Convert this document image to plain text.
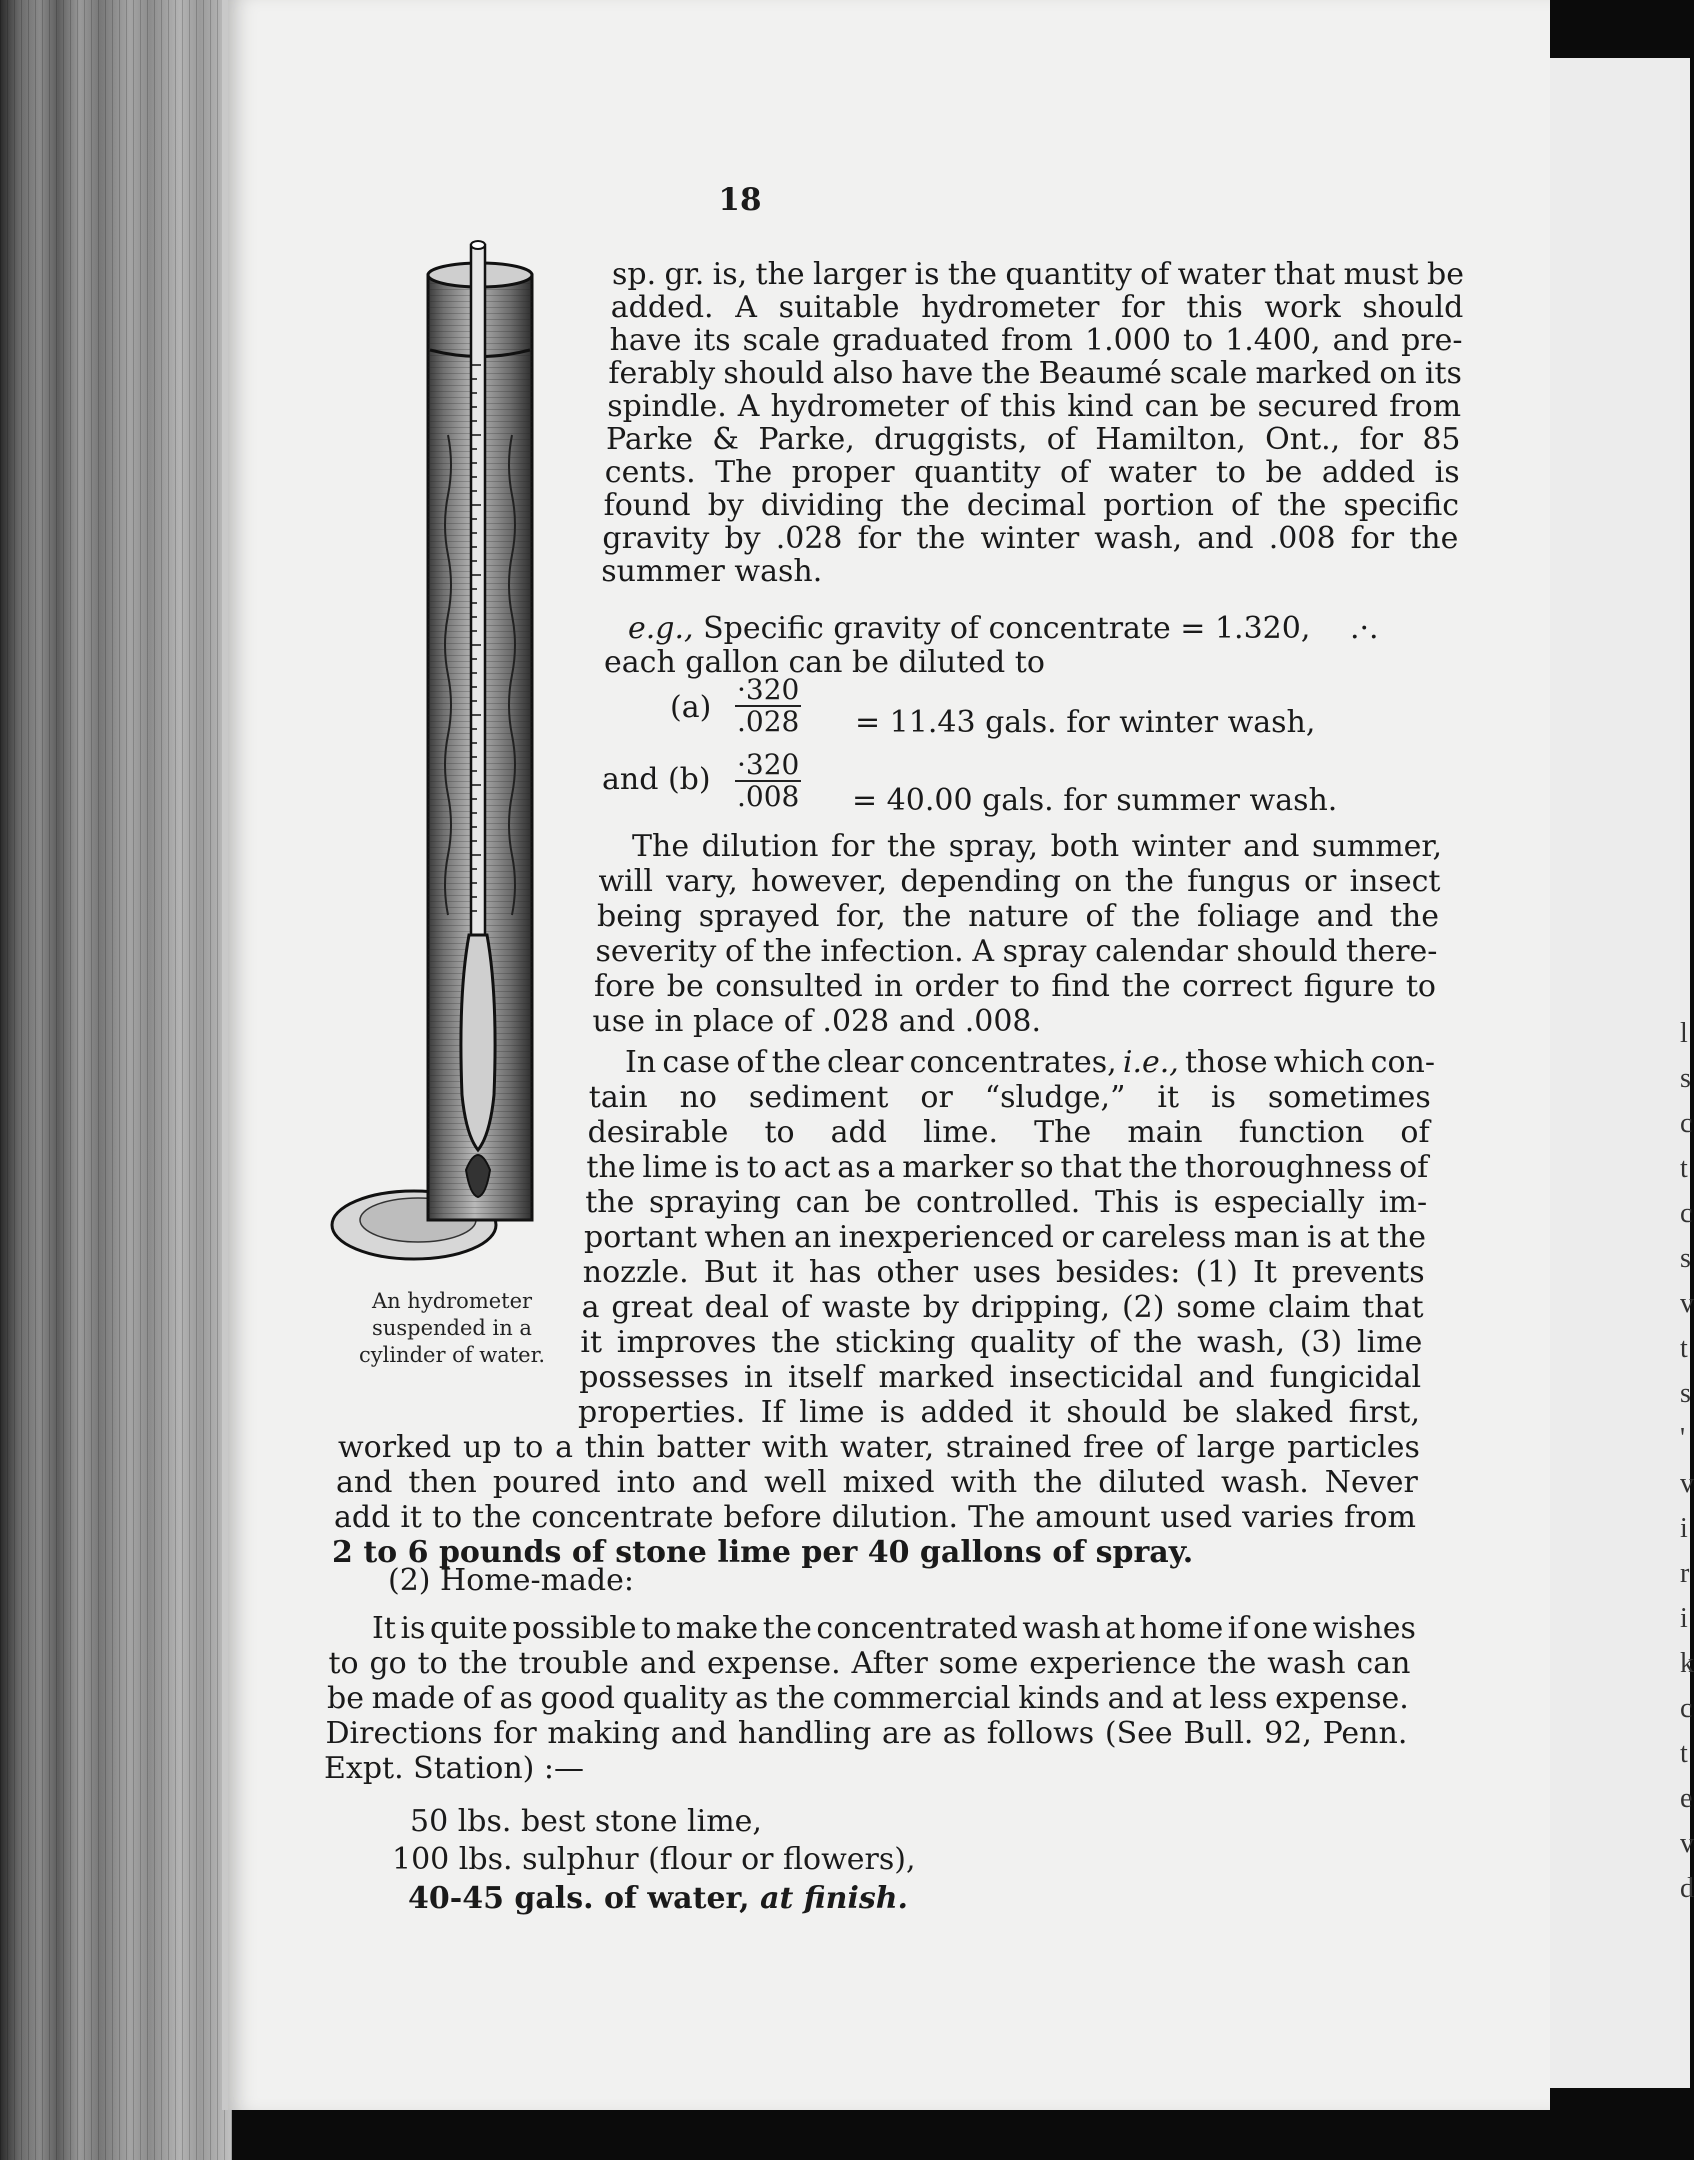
l
s
c
t
c
s
v
t
s
'
v
i
r
i
k
c
t
e
v
d
18
An hydrometer
suspended in a
cylinder of water.
sp. gr. is, the larger is the quantity of water that must be
added. A suitable hydrometer for this work should
have its scale graduated from 1.000 to 1.400, and pre-
ferably should also have the Beaumé scale marked on its
spindle. A hydrometer of this kind can be secured from
Parke & Parke, druggists, of Hamilton, Ont., for 85
cents. The proper quantity of water to be added is
found by dividing the decimal portion of the specific
gravity by .028 for the winter wash, and .008 for the
summer wash.
e.g., Specific gravity of concentrate = 1.320, .·.
each gallon can be diluted to
$(a) \frac{\cdot 320}{.028} = 11.43$ gals. for winter wash,
and $(b) \frac{\cdot 320}{.008} = 40.00$ gals. for summer wash.
The dilution for the spray, both winter and summer,
will vary, however, depending on the fungus or insect
being sprayed for, the nature of the foliage and the
severity of the infection. A spray calendar should there-
fore be consulted in order to find the correct figure to
use in place of .028 and .008.
In case of the clear concentrates, i.e., those which con-
tain no sediment or “sludge,” it is sometimes
desirable to add lime. The main function of
the lime is to act as a marker so that the thoroughness of
the spraying can be controlled. This is especially im-
portant when an inexperienced or careless man is at the
nozzle. But it has other uses besides: (1) It prevents
a great deal of waste by dripping, (2) some claim that
it improves the sticking quality of the wash, (3) lime
possesses in itself marked insecticidal and fungicidal
properties. If lime is added it should be slaked first,
worked up to a thin batter with water, strained free of large particles
and then poured into and well mixed with the diluted wash. Never
add it to the concentrate before dilution. The amount used varies from
2 to 6 pounds of stone lime per 40 gallons of spray.
(2) Home-made:
It is quite possible to make the concentrated wash at home if one wishes
to go to the trouble and expense. After some experience the wash can
be made of as good quality as the commercial kinds and at less expense.
Directions for making and handling are as follows (See Bull. 92, Penn.
Expt. Station) :—
50 lbs. best stone lime,
100 lbs. sulphur (flour or flowers),
40-45 gals. of water, at finish.
